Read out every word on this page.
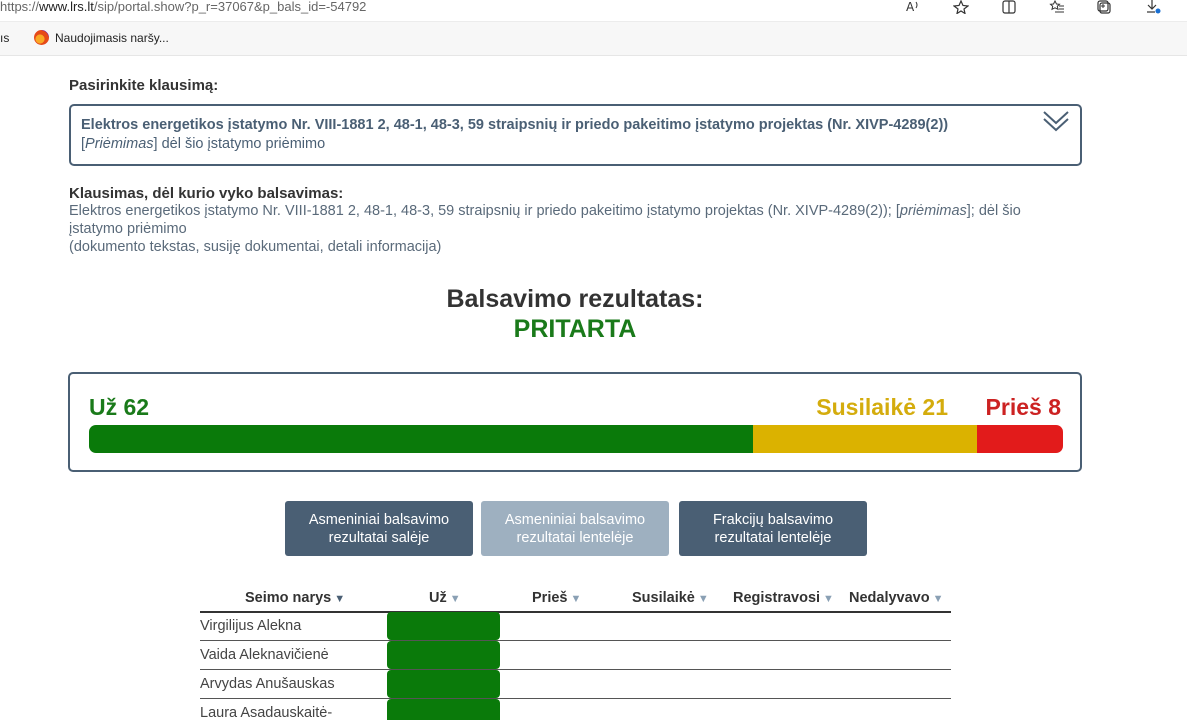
https://www.lrs.lt/sip/portal.show?p_r=37067&p_bals_id=-54792	A
ıs	Naudojimasis naršy...
Pasirinkite klausimą:
Elektros energetikos įstatymo Nr. VIII-1881 2, 48-1, 48-3, 59 straipsnių ir priedo pakeitimo įstatymo projektas (Nr. XIVP-4289(2))
[Priėmimas] dėl šio įstatymo priėmimo
Klausimas, dėl kurio vyko balsavimas:
Elektros energetikos įstatymo Nr. VIII-1881 2, 48-1, 48-3, 59 straipsnių ir priedo pakeitimo įstatymo projektas (Nr. XIVP-4289(2)); [priėmimas]; dėl šio
įstatymo priėmimo
(dokumento tekstas, susiję dokumentai, detali informacija)
Balsavimo rezultatas:
PRITARTA
Už 62	Susilaikė 21 Prieš 8
Asmeniniai balsavimo rezultatai salėje
Asmeniniai balsavimo rezultatai lentelėje
Frakcijų balsavimo rezultatai lentelėje
Seimo narys ▼	Už ▼	Prieš ▼	Susilaikė ▼ Registravosi ▼ Nedalyvavo ▼
Virgilijus Alekna
Vaida Aleknavičienė
Arvydas Anušauskas
Laura Asadauskaitė-
